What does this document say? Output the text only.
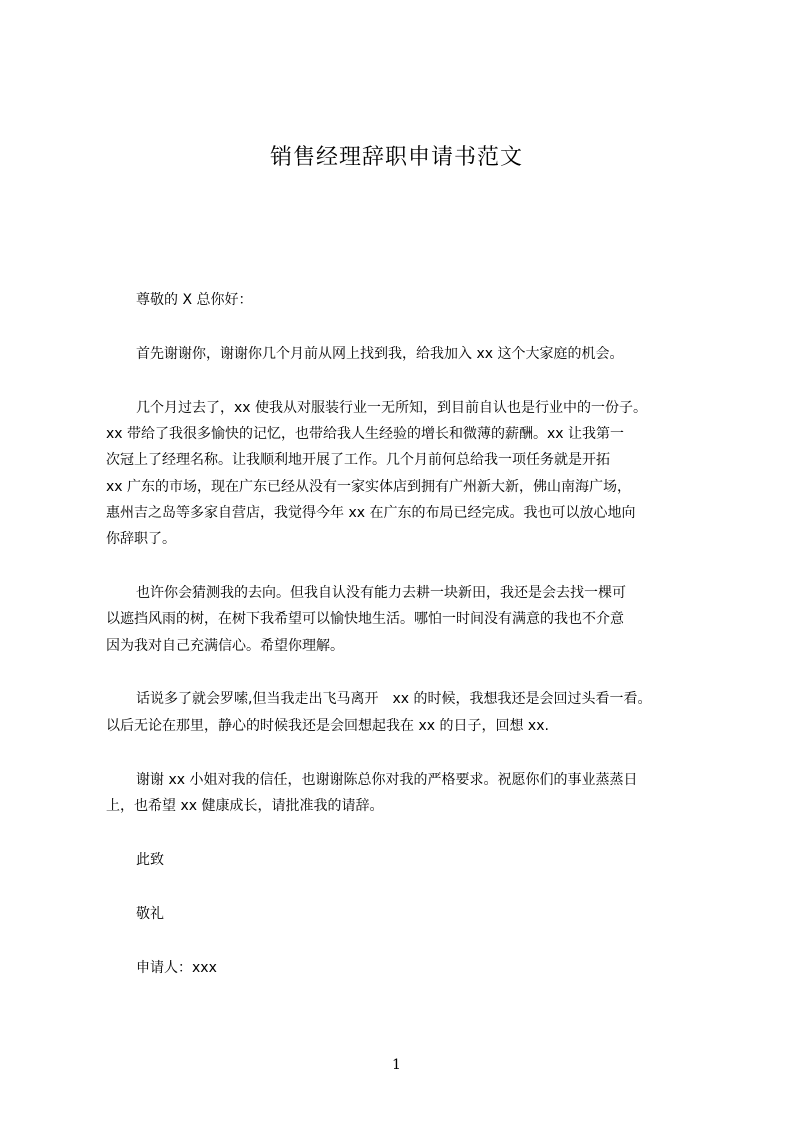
销售经理辞职申请书范文
尊敬的 X 总你好：
首先谢谢你，谢谢你几个月前从网上找到我，给我加入 xx 这个大家庭的机会。
几个月过去了，xx 使我从对服装行业一无所知，到目前自认也是行业中的一份子。
xx 带给了我很多愉快的记忆，也带给我人生经验的增长和微薄的薪酬。xx 让我第一
次冠上了经理名称。让我顺利地开展了工作。几个月前何总给我一项任务就是开拓
xx 广东的市场，现在广东已经从没有一家实体店到拥有广州新大新，佛山南海广场，
惠州吉之岛等多家自营店，我觉得今年 xx 在广东的布局已经完成。我也可以放心地向
你辞职了。
也许你会猜测我的去向。但我自认没有能力去耕一块新田，我还是会去找一棵可
以遮挡风雨的树，在树下我希望可以愉快地生活。哪怕一时间没有满意的我也不介意
因为我对自己充满信心。希望你理解。
话说多了就会罗嗦,但当我走出飞马离开　xx 的时候，我想我还是会回过头看一看。
以后无论在那里，静心的时候我还是会回想起我在 xx 的日子，回想 xx.
谢谢 xx 小姐对我的信任，也谢谢陈总你对我的严格要求。祝愿你们的事业蒸蒸日
上，也希望 xx 健康成长，请批准我的请辞。
此致
敬礼
申请人：xxx
1
